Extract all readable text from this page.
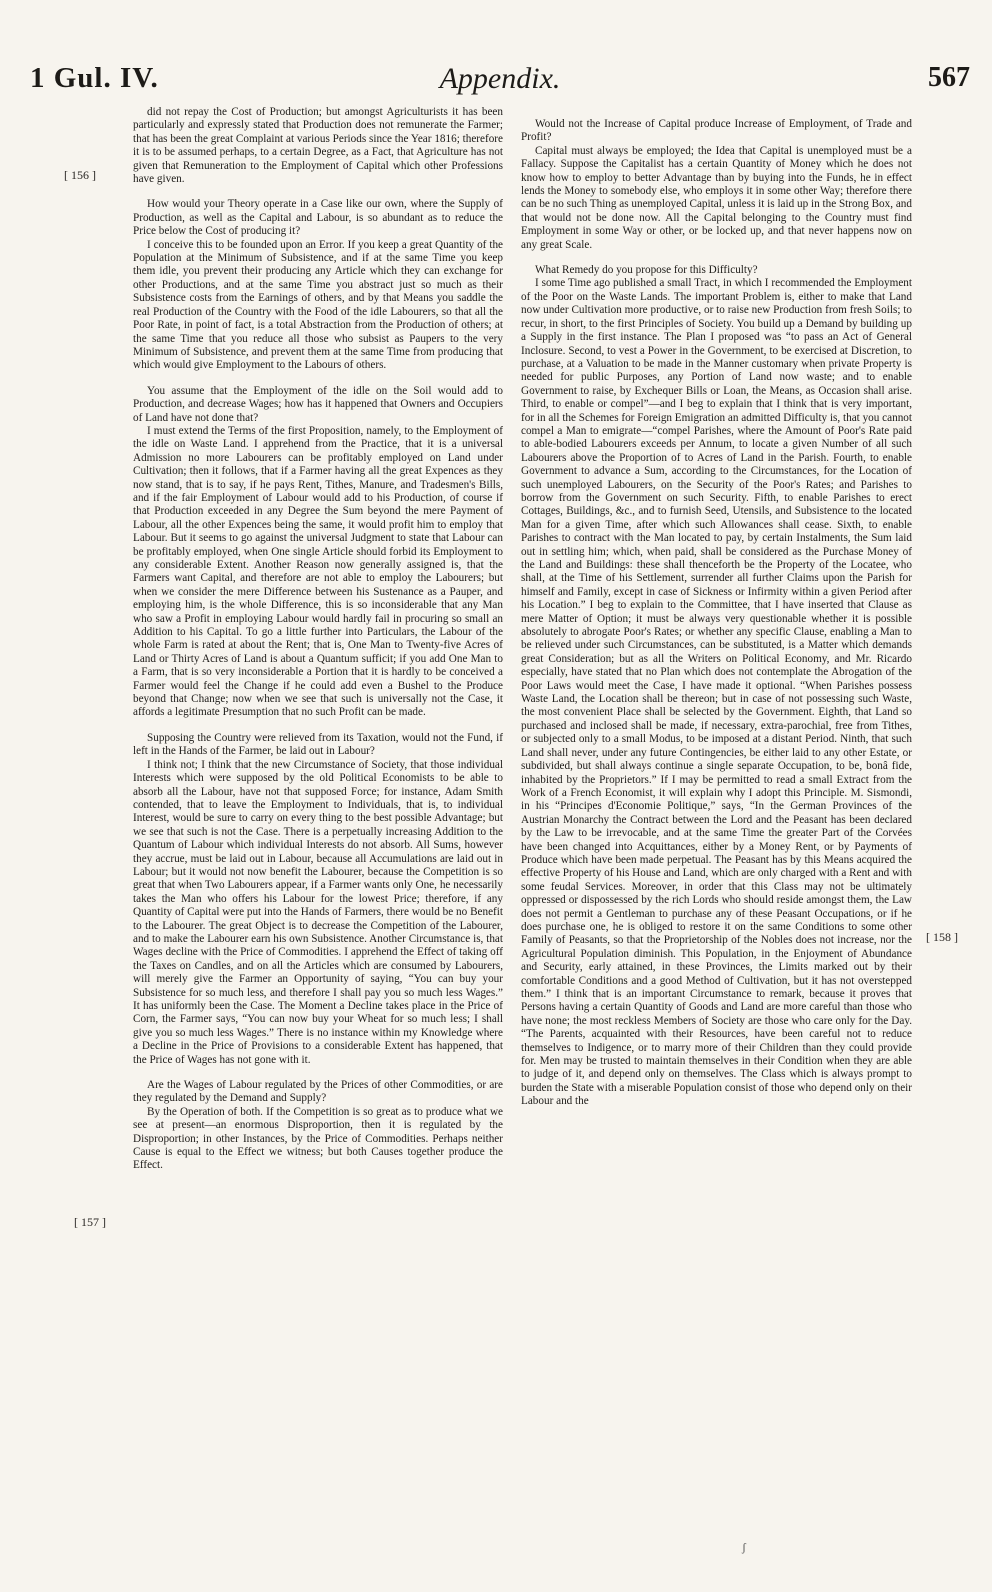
1 Gul. IV.	Appendix.	567

did not repay the Cost of Production; but amongst Agriculturists it has been particularly and expressly stated that Production does not remunerate the Farmer; that has been the great Complaint at various Periods since the Year 1816; therefore it is to be assumed perhaps, to a certain Degree, as a Fact, that Agriculture has not given that Remuneration to the Employment of Capital which other Professions have given.

How would your Theory operate in a Case like our own, where the Supply of Production, as well as the Capital and Labour, is so abundant as to reduce the Price below the Cost of producing it?

I conceive this to be founded upon an Error. If you keep a great Quantity of the Population at the Minimum of Subsistence, and if at the same Time you keep them idle, you prevent their producing any Article which they can exchange for other Productions, and at the same Time you abstract just so much as their Subsistence costs from the Earnings of others, and by that Means you saddle the real Production of the Country with the Food of the idle Labourers, so that all the Poor Rate, in point of fact, is a total Abstraction from the Production of others; at the same Time that you reduce all those who subsist as Paupers to the very Minimum of Subsistence, and prevent them at the same Time from producing that which would give Employment to the Labours of others.

You assume that the Employment of the idle on the Soil would add to Production, and decrease Wages; how has it happened that Owners and Occupiers of Land have not done that?

I must extend the Terms of the first Proposition, namely, to the Employment of the idle on Waste Land. I apprehend from the Practice, that it is a universal Admission no more Labourers can be profitably employed on Land under Cultivation; then it follows, that if a Farmer having all the great Expences as they now stand, that is to say, if he pays Rent, Tithes, Manure, and Tradesmen's Bills, and if the fair Employment of Labour would add to his Production, of course if that Production exceeded in any Degree the Sum beyond the mere Payment of Labour, all the other Expences being the same, it would profit him to employ that Labour. But it seems to go against the universal Judgment to state that Labour can be profitably employed, when One single Article should forbid its Employment to any considerable Extent. Another Reason now generally assigned is, that the Farmers want Capital, and therefore are not able to employ the Labourers; but when we consider the mere Difference between his Sustenance as a Pauper, and employing him, is the whole Difference, this is so inconsiderable that any Man who saw a Profit in employing Labour would hardly fail in procuring so small an Addition to his Capital. To go a little further into Particulars, the Labour of the whole Farm is rated at about the Rent; that is, One Man to Twenty-five Acres of Land or Thirty Acres of Land is about a Quantum sufficit; if you add One Man to a Farm, that is so very inconsiderable a Portion that it is hardly to be conceived a Farmer would feel the Change if he could add even a Bushel to the Produce beyond that Change; now when we see that such is universally not the Case, it affords a legitimate Presumption that no such Profit can be made.

Supposing the Country were relieved from its Taxation, would not the Fund, if left in the Hands of the Farmer, be laid out in Labour?

I think not; I think that the new Circumstance of Society, that those individual Interests which were supposed by the old Political Economists to be able to absorb all the Labour, have not that supposed Force; for instance, Adam Smith contended, that to leave the Employment to Individuals, that is, to individual Interest, would be sure to carry on every thing to the best possible Advantage; but we see that such is not the Case. There is a perpetually increasing Addition to the Quantum of Labour which individual Interests do not absorb. All Sums, however they accrue, must be laid out in Labour, because all Accumulations are laid out in Labour; but it would not now benefit the Labourer, because the Competition is so great that when Two Labourers appear, if a Farmer wants only One, he necessarily takes the Man who offers his Labour for the lowest Price; therefore, if any Quantity of Capital were put into the Hands of Farmers, there would be no Benefit to the Labourer. The great Object is to decrease the Competition of the Labourer, and to make the Labourer earn his own Subsistence. Another Circumstance is, that Wages decline with the Price of Commodities. I apprehend the Effect of taking off the Taxes on Candles, and on all the Articles which are consumed by Labourers, will merely give the Farmer an Opportunity of saying, “You can buy your Subsistence for so much less, and therefore I shall pay you so much less Wages.” It has uniformly been the Case. The Moment a Decline takes place in the Price of Corn, the Farmer says, “You can now buy your Wheat for so much less; I shall give you so much less Wages.” There is no instance within my Knowledge where a Decline in the Price of Provisions to a considerable Extent has happened, that the Price of Wages has not gone with it.

Are the Wages of Labour regulated by the Prices of other Commodities, or are they regulated by the Demand and Supply?

By the Operation of both. If the Competition is so great as to produce what we see at present—an enormous Disproportion, then it is regulated by the Disproportion; in other Instances, by the Price of Commodities. Perhaps neither Cause is equal to the Effect we witness; but both Causes together produce the Effect.

Would not the Increase of Capital produce Increase of Employment, of Trade and Profit?

Capital must always be employed; the Idea that Capital is unemployed must be a Fallacy. Suppose the Capitalist has a certain Quantity of Money which he does not know how to employ to better Advantage than by buying into the Funds, he in effect lends the Money to somebody else, who employs it in some other Way; therefore there can be no such Thing as unemployed Capital, unless it is laid up in the Strong Box, and that would not be done now. All the Capital belonging to the Country must find Employment in some Way or other, or be locked up, and that never happens now on any great Scale.

What Remedy do you propose for this Difficulty?

I some Time ago published a small Tract, in which I recommended the Employment of the Poor on the Waste Lands. The important Problem is, either to make that Land now under Cultivation more productive, or to raise new Production from fresh Soils; to recur, in short, to the first Principles of Society. You build up a Demand by building up a Supply in the first instance. The Plan I proposed was “to pass an Act of General Inclosure. Second, to vest a Power in the Government, to be exercised at Discretion, to purchase, at a Valuation to be made in the Manner customary when private Property is needed for public Purposes, any Portion of Land now waste; and to enable Government to raise, by Exchequer Bills or Loan, the Means, as Occasion shall arise. Third, to enable or compel”—and I beg to explain that I think that is very important, for in all the Schemes for Foreign Emigration an admitted Difficulty is, that you cannot compel a Man to emigrate—“compel Parishes, where the Amount of Poor's Rate paid to able-bodied Labourers exceeds per Annum, to locate a given Number of all such Labourers above the Proportion of to Acres of Land in the Parish. Fourth, to enable Government to advance a Sum, according to the Circumstances, for the Location of such unemployed Labourers, on the Security of the Poor's Rates; and Parishes to borrow from the Government on such Security. Fifth, to enable Parishes to erect Cottages, Buildings, &c., and to furnish Seed, Utensils, and Subsistence to the located Man for a given Time, after which such Allowances shall cease. Sixth, to enable Parishes to contract with the Man located to pay, by certain Instalments, the Sum laid out in settling him; which, when paid, shall be considered as the Purchase Money of the Land and Buildings: these shall thenceforth be the Property of the Locatee, who shall, at the Time of his Settlement, surrender all further Claims upon the Parish for himself and Family, except in case of Sickness or Infirmity within a given Period after his Location.” I beg to explain to the Committee, that I have inserted that Clause as mere Matter of Option; it must be always very questionable whether it is possible absolutely to abrogate Poor's Rates; or whether any specific Clause, enabling a Man to be relieved under such Circumstances, can be substituted, is a Matter which demands great Consideration; but as all the Writers on Political Economy, and Mr. Ricardo especially, have stated that no Plan which does not contemplate the Abrogation of the Poor Laws would meet the Case, I have made it optional. “When Parishes possess Waste Land, the Location shall be thereon; but in case of not possessing such Waste, the most convenient Place shall be selected by the Government. Eighth, that Land so purchased and inclosed shall be made, if necessary, extra-parochial, free from Tithes, or subjected only to a small Modus, to be imposed at a distant Period. Ninth, that such Land shall never, under any future Contingencies, be either laid to any other Estate, or subdivided, but shall always continue a single separate Occupation, to be, bonâ fide, inhabited by the Proprietors.” If I may be permitted to read a small Extract from the Work of a French Economist, it will explain why I adopt this Principle. M. Sismondi, in his “Principes d'Economie Politique,” says, “In the German Provinces of the Austrian Monarchy the Contract between the Lord and the Peasant has been declared by the Law to be irrevocable, and at the same Time the greater Part of the Corvées have been changed into Acquittances, either by a Money Rent, or by Payments of Produce which have been made perpetual. The Peasant has by this Means acquired the effective Property of his House and Land, which are only charged with a Rent and with some feudal Services. Moreover, in order that this Class may not be ultimately oppressed or dispossessed by the rich Lords who should reside amongst them, the Law does not permit a Gentleman to purchase any of these Peasant Occupations, or if he does purchase one, he is obliged to restore it on the same Conditions to some other Family of Peasants, so that the Proprietorship of the Nobles does not increase, nor the Agricultural Population diminish. This Population, in the Enjoyment of Abundance and Security, early attained, in these Provinces, the Limits marked out by their comfortable Conditions and a good Method of Cultivation, but it has not overstepped them.” I think that is an important Circumstance to remark, because it proves that Persons having a certain Quantity of Goods and Land are more careful than those who have none; the most reckless Members of Society are those who care only for the Day. “The Parents, acquainted with their Resources, have been careful not to reduce themselves to Indigence, or to marry more of their Children than they could provide for. Men may be trusted to maintain themselves in their Condition when they are able to judge of it, and depend only on themselves. The Class which is always prompt to burden the State with a miserable Population consist of those who depend only on their Labour and the

[ 156 ]
[ 157 ]
[ 158 ]
ʃ
